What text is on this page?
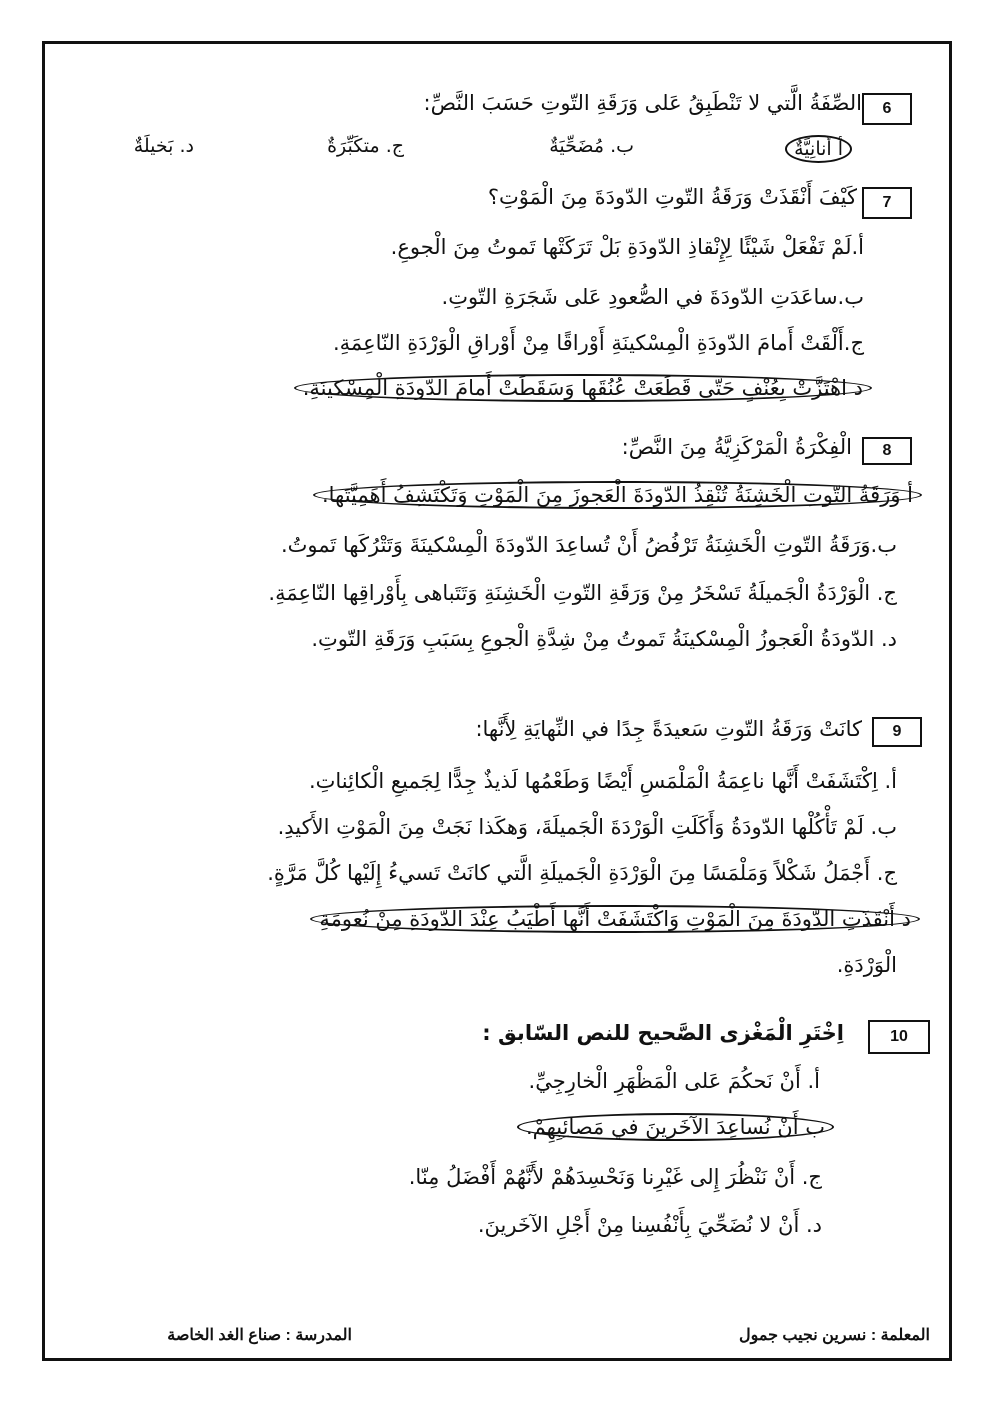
6
الصِّفَةُ الَّتي لا تَنْطَبِقُ عَلى وَرَقَةِ التّوتِ حَسَبَ النَّصِّ:
أ أنانِيَّةٌ
ب. مُضَحِّيَةٌ
ج. متكَبِّرَةٌ
د. بَخيلَةٌ
7
كَيْفَ أَنْقَذَتْ وَرَقَةُ التّوتِ الدّودَةَ مِنَ الْمَوْتِ؟
أ.لَمْ تَفْعَلْ شَيْئًا لِإِنْقاذِ الدّودَةِ بَلْ تَرَكَتْها تَموتُ مِنَ الْجوعِ.
ب.ساعَدَتِ الدّودَةَ في الصُّعودِ عَلى شَجَرَةِ التّوتِ.
ج.أَلْقَتْ أَمامَ الدّودَةِ الْمِسْكينَةِ أَوْراقًا مِنْ أَوْراقِ الْوَرْدَةِ النّاعِمَةِ.
د اهْتَزَّتْ بِعُنْفٍ حَتّى قَطَعَتْ عُنُقَها وَسَقَطَتْ أَمامَ الدّودَةِ الْمِسْكينَةِ.
8
الْفِكْرَةُ الْمَرْكَزِيَّةُ مِنَ النَّصِّ:
أ وَرَقَةُ التّوتِ الْخَشِنَةُ تُنْقِذُ الدّودَةَ الْعَجوزَ مِنَ الْمَوْتِ وَتَكْتَشِفُ أَهَمِيَّتَها.
ب.وَرَقَةُ التّوتِ الْخَشِنَةُ تَرْفُضُ أَنْ تُساعِدَ الدّودَةَ الْمِسْكينَةَ وَتَتْرُكَها تَموتُ.
ج. الْوَرْدَةُ الْجَميلَةُ تَسْخَرُ مِنْ وَرَقَةِ التّوتِ الْخَشِنَةِ وَتَتَباهى بِأَوْراقِها النّاعِمَةِ.
د. الدّودَةُ الْعَجوزُ الْمِسْكينَةُ تَموتُ مِنْ شِدَّةِ الْجوعِ بِسَبَبِ وَرَقَةِ التّوتِ.
9
كانَتْ وَرَقَةُ التّوتِ سَعيدَةً جِدًا في النِّهايَةِ لِأَنَّها:
أ. اِكْتَشَفَتْ أَنَّها ناعِمَةُ الْمَلْمَسِ أَيْضًا وَطَعْمُها لَذيذٌ جِدًّا لِجَميعِ الْكائِناتِ.
ب. لَمْ تَأْكُلْها الدّودَةُ وَأَكَلَتِ الْوَرْدَةَ الْجَميلَةَ، وَهكَذا نَجَتْ مِنَ الْمَوْتِ الأَكيدِ.
ج. أَجْمَلُ شَكْلاً وَمَلْمَسًا مِنَ الْوَرْدَةِ الْجَميلَةِ الَّتي كانَتْ تَسيءُ إِلَيْها كُلَّ مَرَّةٍ.
د أَنْقَذَتِ الدّودَةَ مِنَ الْمَوْتِ وَاكْتَشَفَتْ أَنَّها أَطْيَبُ عِنْدَ الدّودَةِ مِنْ نُعومَةِ
الْوَرْدَةِ.
10
اِخْتَرِ الْمَغْزى الصَّحيح للنص السّابق :
أ. أَنْ نَحكُمَ عَلى الْمَظْهَرِ الْخارِجِيِّ.
ب أَنْ نُساعِدَ الآخَرينَ في مَصائِبِهِمْ.
ج. أَنْ نَنْظُرَ إِلى غَيْرِنا وَنَحْسِدَهُمْ لأَنَّهُمْ أَفْضَلُ مِنّا.
د. أَنْ لا نُضَحِّيَ بِأَنْفُسِنا مِنْ أَجْلِ الآخَرينَ.
المعلمة : نسرين نجيب جمول
المدرسة : صناع الغد الخاصة
